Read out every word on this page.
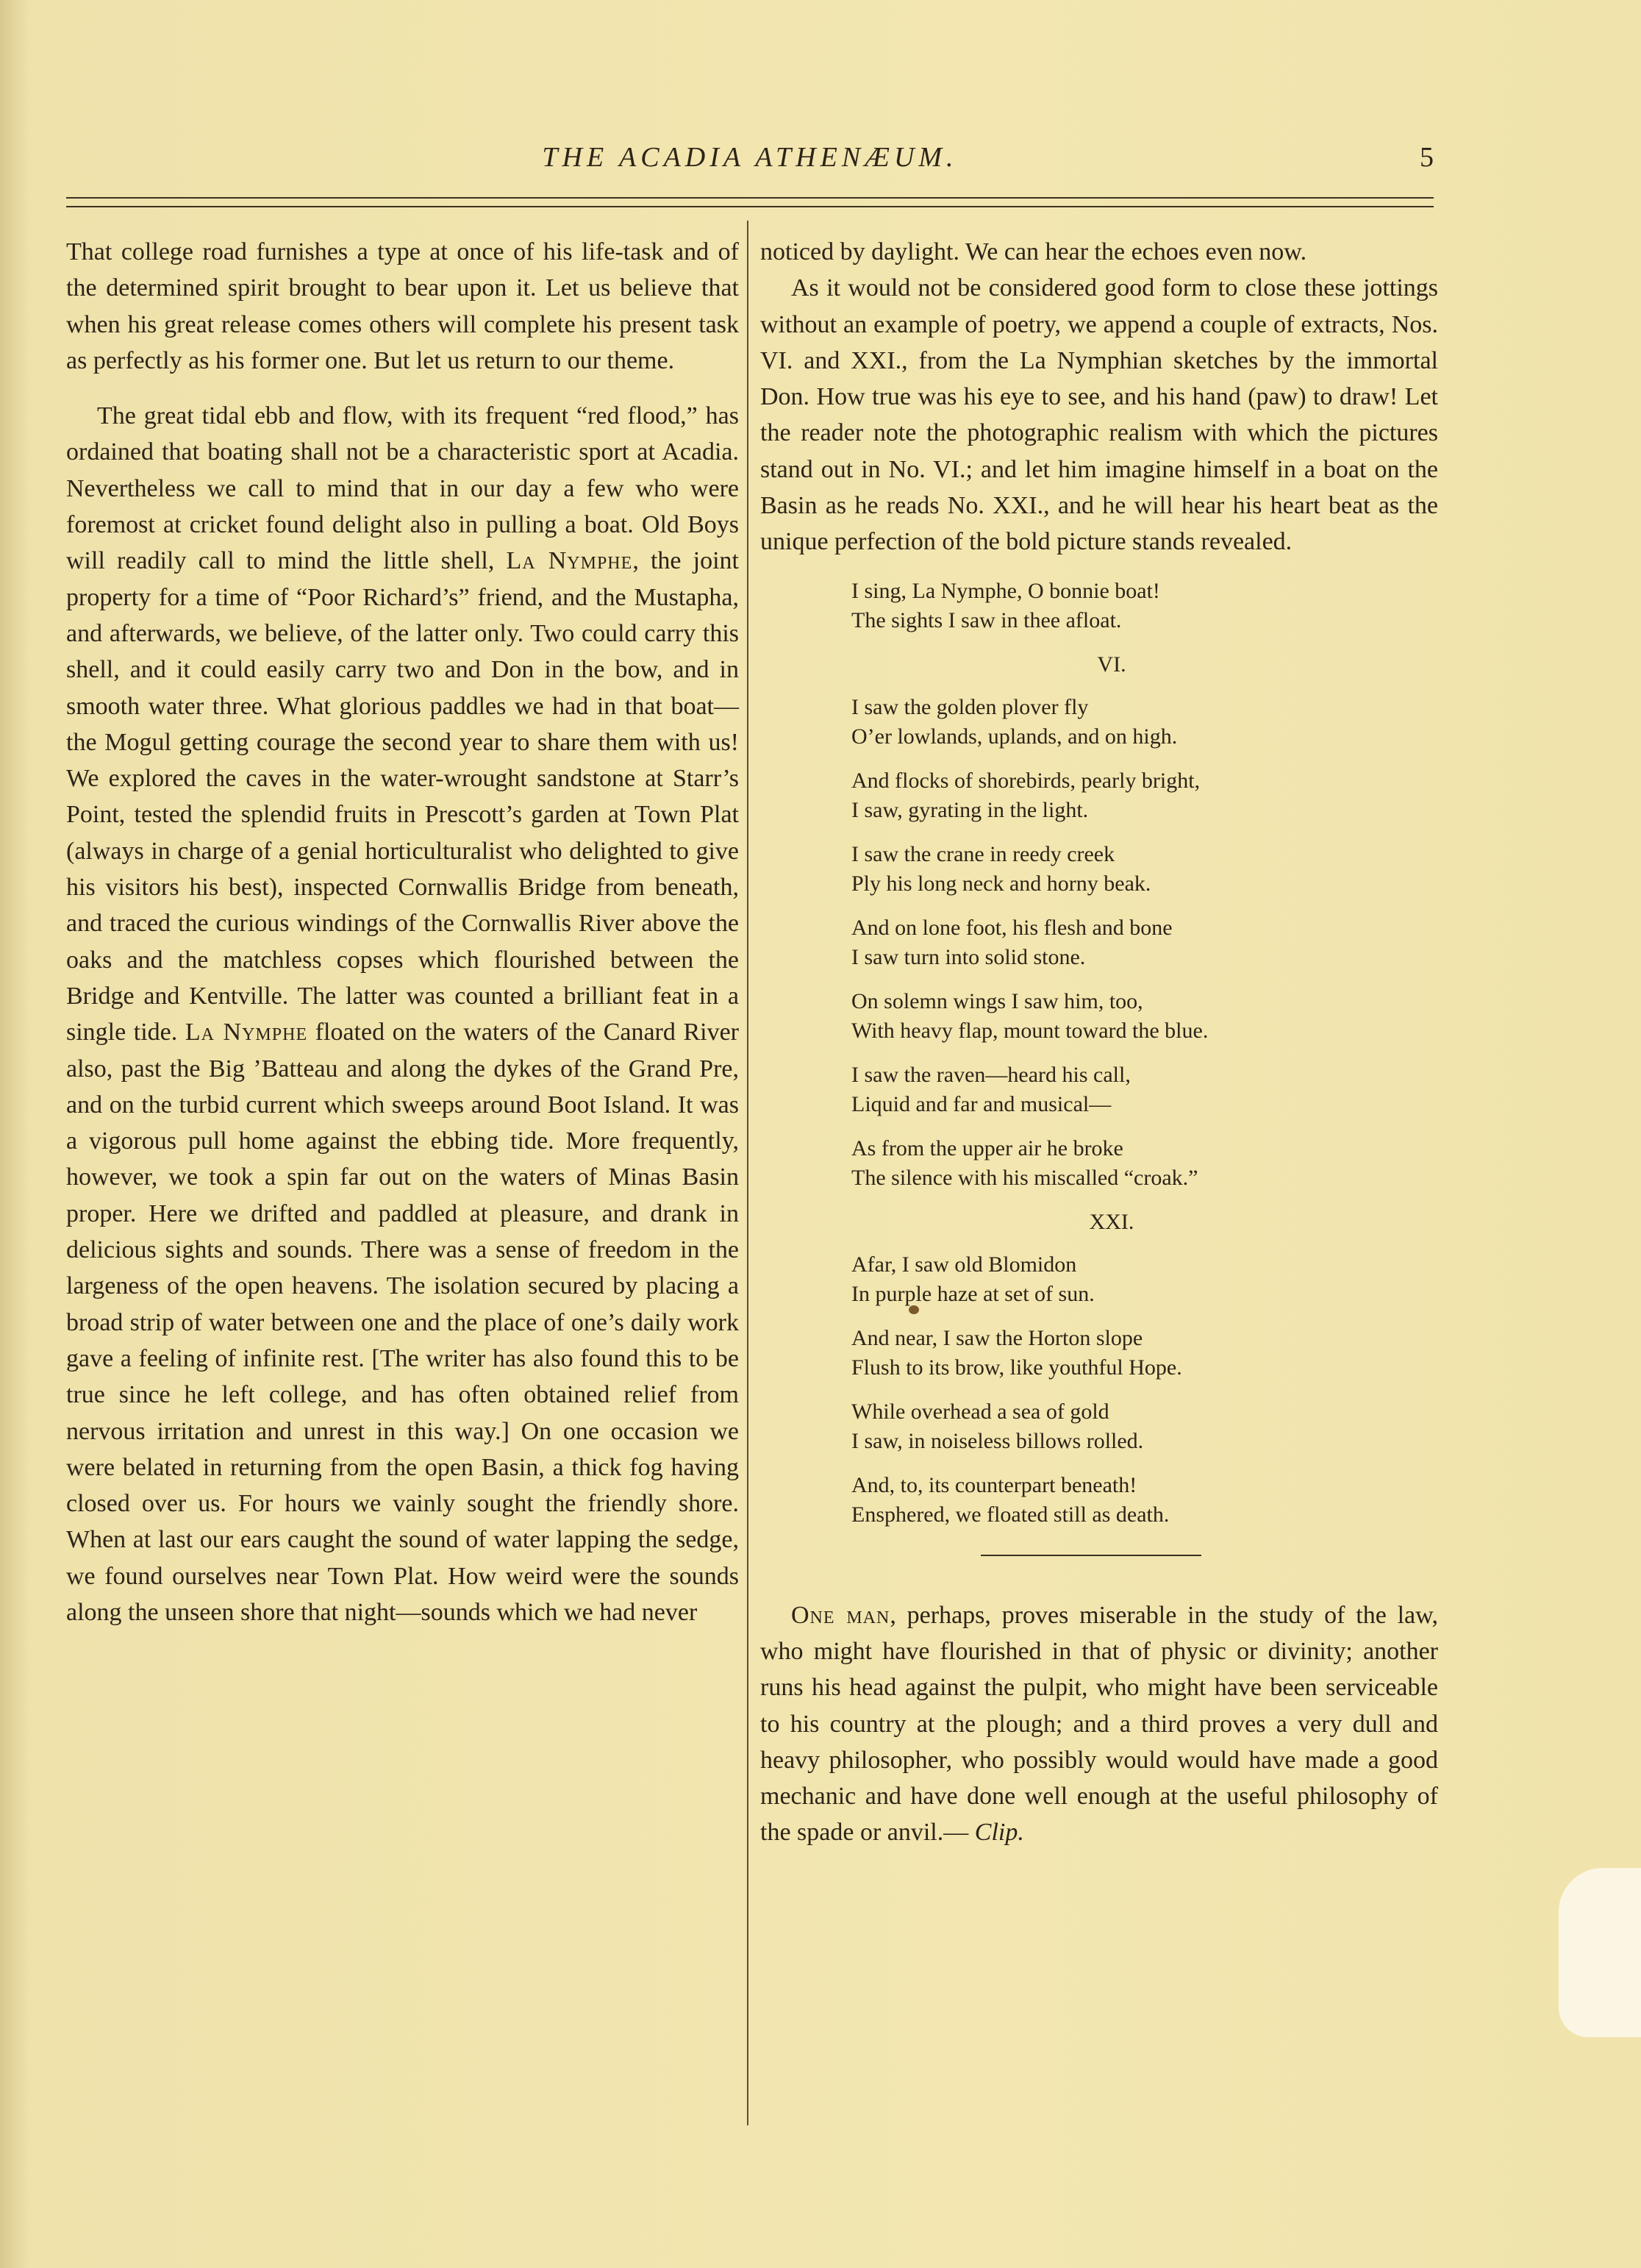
THE ACADIA ATHENÆUM.	5

That college road furnishes a type at once of his life-task and of the determined spirit brought to bear upon it. Let us believe that when his great release comes others will complete his present task as perfectly as his former one. But let us return to our theme.

The great tidal ebb and flow, with its frequent “red flood,” has ordained that boating shall not be a characteristic sport at Acadia. Nevertheless we call to mind that in our day a few who were foremost at cricket found delight also in pulling a boat. Old Boys will readily call to mind the little shell, La Nymphe, the joint property for a time of “Poor Richard’s” friend, and the Mustapha, and afterwards, we believe, of the latter only. Two could carry this shell, and it could easily carry two and Don in the bow, and in smooth water three. What glorious paddles we had in that boat—the Mogul getting courage the second year to share them with us! We explored the caves in the water-wrought sandstone at Starr’s Point, tested the splendid fruits in Prescott’s garden at Town Plat (always in charge of a genial horticulturalist who delighted to give his visitors his best), inspected Cornwallis Bridge from beneath, and traced the curious windings of the Cornwallis River above the oaks and the matchless copses which flourished between the Bridge and Kentville. The latter was counted a brilliant feat in a single tide. La Nymphe floated on the waters of the Canard River also, past the Big ’Batteau and along the dykes of the Grand Pre, and on the turbid current which sweeps around Boot Island. It was a vigorous pull home against the ebbing tide. More frequently, however, we took a spin far out on the waters of Minas Basin proper. Here we drifted and paddled at pleasure, and drank in delicious sights and sounds. There was a sense of freedom in the largeness of the open heavens. The isolation secured by placing a broad strip of water between one and the place of one’s daily work gave a feeling of infinite rest. [The writer has also found this to be true since he left college, and has often obtained relief from nervous irritation and unrest in this way.] On one occasion we were belated in returning from the open Basin, a thick fog having closed over us. For hours we vainly sought the friendly shore. When at last our ears caught the sound of water lapping the sedge, we found ourselves near Town Plat. How weird were the sounds along the unseen shore that night—sounds which we had never

noticed by daylight. We can hear the echoes even now.

As it would not be considered good form to close these jottings without an example of poetry, we append a couple of extracts, Nos. VI. and XXI., from the La Nymphian sketches by the immortal Don. How true was his eye to see, and his hand (paw) to draw! Let the reader note the photographic realism with which the pictures stand out in No. VI.; and let him imagine himself in a boat on the Basin as he reads No. XXI., and he will hear his heart beat as the unique perfection of the bold picture stands revealed.

I sing, La Nymphe, O bonnie boat!
The sights I saw in thee afloat.
VI.
I saw the golden plover fly
O’er lowlands, uplands, and on high.
And flocks of shorebirds, pearly bright,
I saw, gyrating in the light.
I saw the crane in reedy creek
Ply his long neck and horny beak.
And on lone foot, his flesh and bone
I saw turn into solid stone.
On solemn wings I saw him, too,
With heavy flap, mount toward the blue.
I saw the raven—heard his call,
Liquid and far and musical—
As from the upper air he broke
The silence with his miscalled “croak.”
XXI.
Afar, I saw old Blomidon
In purple haze at set of sun.
And near, I saw the Horton slope
Flush to its brow, like youthful Hope.
While overhead a sea of gold
I saw, in noiseless billows rolled.
And, to, its counterpart beneath!
Ensphered, we floated still as death.

One man, perhaps, proves miserable in the study of the law, who might have flourished in that of physic or divinity; another runs his head against the pulpit, who might have been serviceable to his country at the plough; and a third proves a very dull and heavy philosopher, who possibly would would have made a good mechanic and have done well enough at the useful philosophy of the spade or anvil.— Clip.
